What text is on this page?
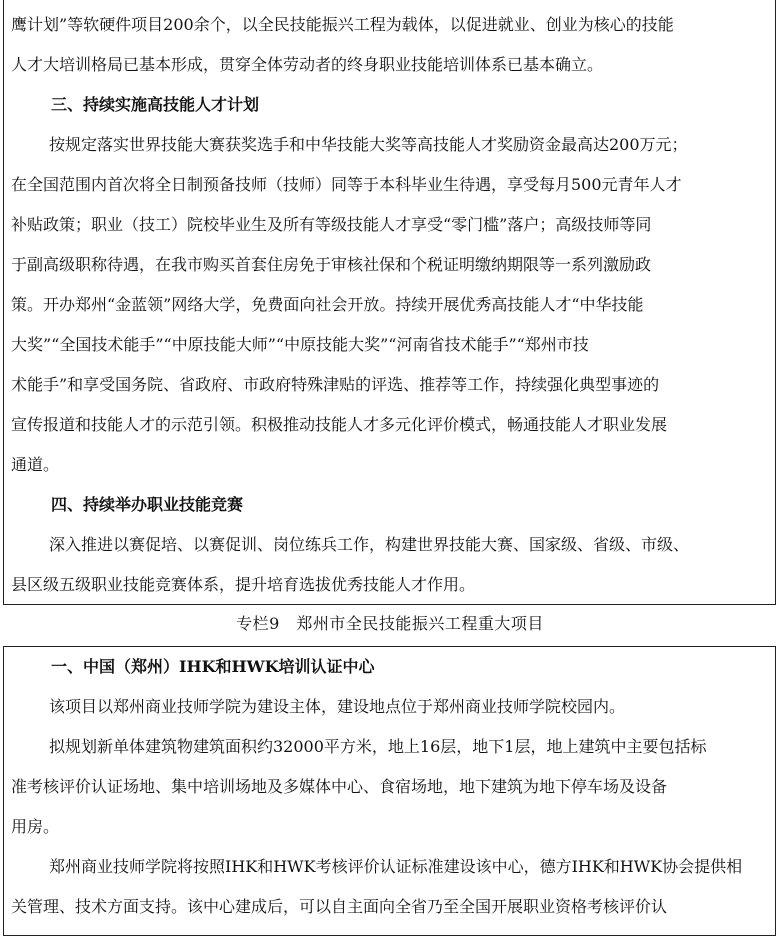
鹰计划”等软硬件项目200余个，以全民技能振兴工程为载体，以促进就业、创业为核心的技能

人才大培训格局已基本形成，贯穿全体劳动者的终身职业技能培训体系已基本确立。

三、持续实施高技能人才计划

按规定落实世界技能大赛获奖选手和中华技能大奖等高技能人才奖励资金最高达200万元；

在全国范围内首次将全日制预备技师（技师）同等于本科毕业生待遇，享受每月500元青年人才

补贴政策；职业（技工）院校毕业生及所有等级技能人才享受“零门槛”落户；高级技师等同

于副高级职称待遇，在我市购买首套住房免于审核社保和个税证明缴纳期限等一系列激励政

策。开办郑州“金蓝领”网络大学，免费面向社会开放。持续开展优秀高技能人才“中华技能

大奖”“全国技术能手”“中原技能大师”“中原技能大奖”“河南省技术能手”“郑州市技

术能手”和享受国务院、省政府、市政府特殊津贴的评选、推荐等工作，持续强化典型事迹的

宣传报道和技能人才的示范引领。积极推动技能人才多元化评价模式，畅通技能人才职业发展

通道。

四、持续举办职业技能竞赛

深入推进以赛促培、以赛促训、岗位练兵工作，构建世界技能大赛、国家级、省级、市级、

县区级五级职业技能竞赛体系，提升培育选拔优秀技能人才作用。

专栏9　郑州市全民技能振兴工程重大项目

一、中国（郑州）IHK和HWK培训认证中心

该项目以郑州商业技师学院为建设主体，建设地点位于郑州商业技师学院校园内。

拟规划新单体建筑物建筑面积约32000平方米，地上16层，地下1层，地上建筑中主要包括标

准考核评价认证场地、集中培训场地及多媒体中心、食宿场地，地下建筑为地下停车场及设备

用房。

郑州商业技师学院将按照IHK和HWK考核评价认证标准建设该中心，德方IHK和HWK协会提供相

关管理、技术方面支持。该中心建成后，可以自主面向全省乃至全国开展职业资格考核评价认
